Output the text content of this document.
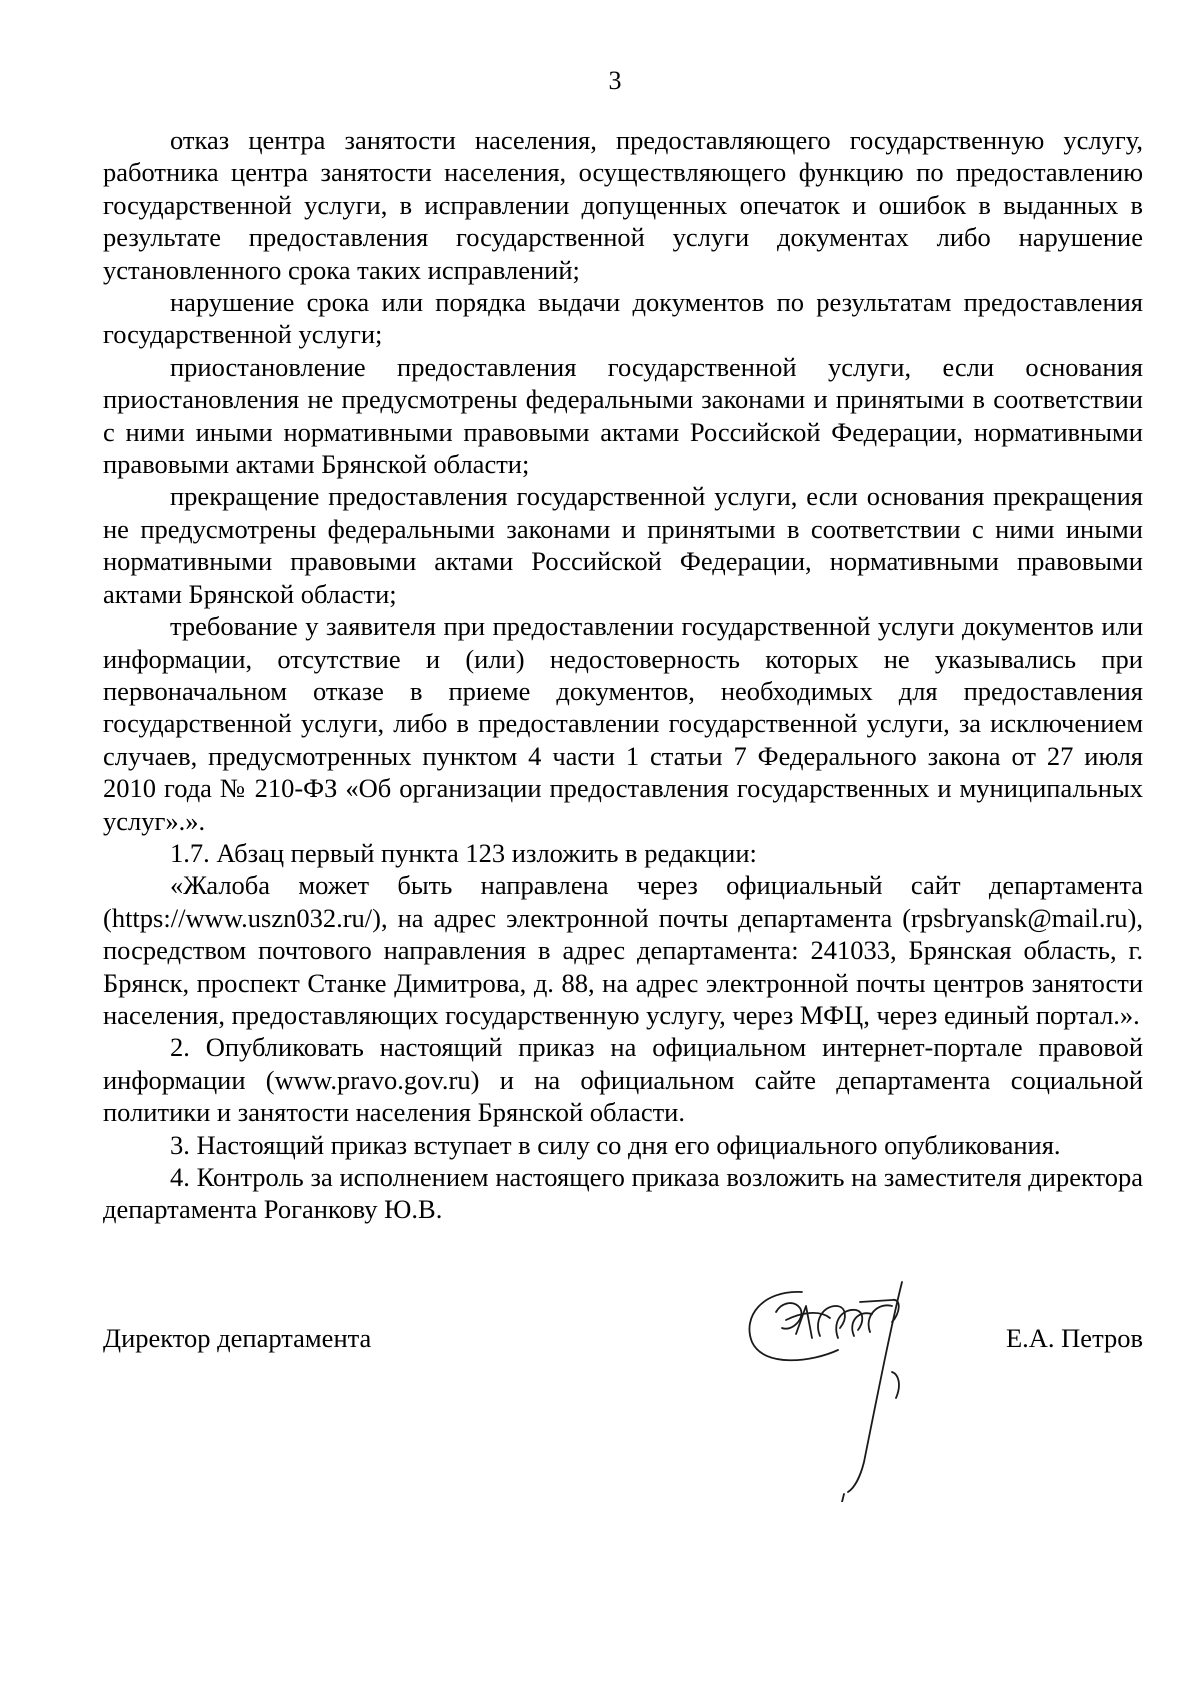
3

отказ центра занятости населения, предоставляющего государственную услугу, работника центра занятости населения, осуществляющего функцию по предоставлению государственной услуги, в исправлении допущенных опечаток и ошибок в выданных в результате предоставления государственной услуги документах либо нарушение установленного срока таких исправлений;

нарушение срока или порядка выдачи документов по результатам предоставления государственной услуги;

приостановление предоставления государственной услуги, если основания приостановления не предусмотрены федеральными законами и принятыми в соответствии с ними иными нормативными правовыми актами Российской Федерации, нормативными правовыми актами Брянской области;

прекращение предоставления государственной услуги, если основания прекращения не предусмотрены федеральными законами и принятыми в соответствии с ними иными нормативными правовыми актами Российской Федерации, нормативными правовыми актами Брянской области;

требование у заявителя при предоставлении государственной услуги документов или информации, отсутствие и (или) недостоверность которых не указывались при первоначальном отказе в приеме документов, необходимых для предоставления государственной услуги, либо в предоставлении государственной услуги, за исключением случаев, предусмотренных пунктом 4 части 1 статьи 7 Федерального закона от 27 июля 2010 года № 210-ФЗ «Об организации предоставления государственных и муниципальных услуг».».

1.7. Абзац первый пункта 123 изложить в редакции:

«Жалоба может быть направлена через официальный сайт департамента (https://www.uszn032.ru/), на адрес электронной почты департамента (rpsbryansk@mail.ru), посредством почтового направления в адрес департамента: 241033, Брянская область, г. Брянск, проспект Станке Димитрова, д. 88, на адрес электронной почты центров занятости населения, предоставляющих государственную услугу, через МФЦ, через единый портал.».

2. Опубликовать настоящий приказ на официальном интернет-портале правовой информации (www.pravo.gov.ru) и на официальном сайте департамента социальной политики и занятости населения Брянской области.

3. Настоящий приказ вступает в силу со дня его официального опубликования.

4. Контроль за исполнением настоящего приказа возложить на заместителя директора департамента Роганкову Ю.В.

Директор департамента	Е.А. Петров
